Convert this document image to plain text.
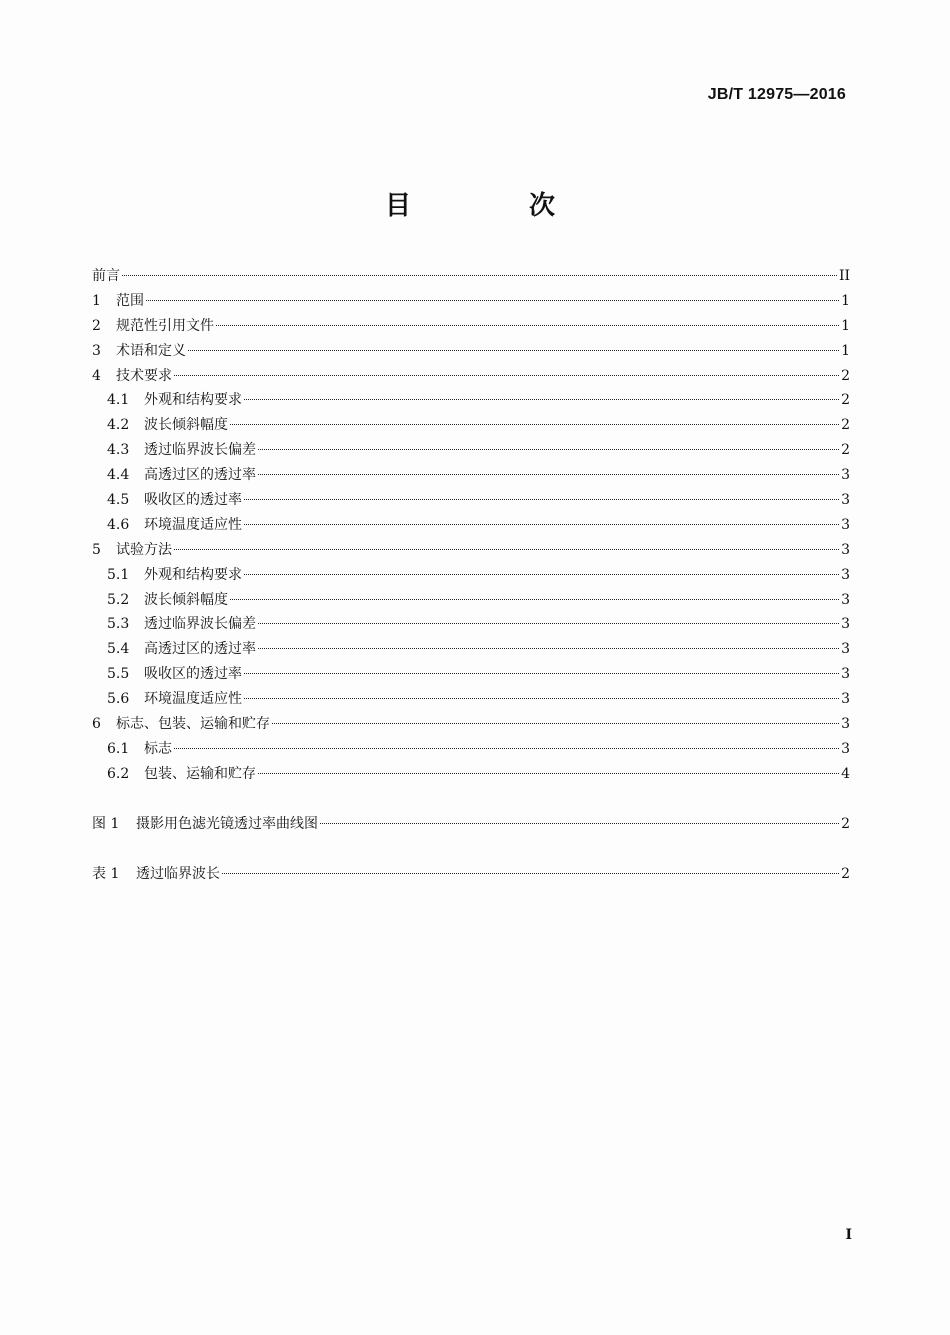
JB/T 12975—2016
目　次
前言	II
1	范围	1
2	规范性引用文件	1
3	术语和定义	1
4	技术要求	2
4.1	外观和结构要求	2
4.2	波长倾斜幅度	2
4.3	透过临界波长偏差	2
4.4	高透过区的透过率	3
4.5	吸收区的透过率	3
4.6	环境温度适应性	3
5	试验方法	3
5.1	外观和结构要求	3
5.2	波长倾斜幅度	3
5.3	透过临界波长偏差	3
5.4	高透过区的透过率	3
5.5	吸收区的透过率	3
5.6	环境温度适应性	3
6	标志、包装、运输和贮存	3
6.1	标志	3
6.2	包装、运输和贮存	4
图 1	摄影用色滤光镜透过率曲线图	2
表 1	透过临界波长	2
I
